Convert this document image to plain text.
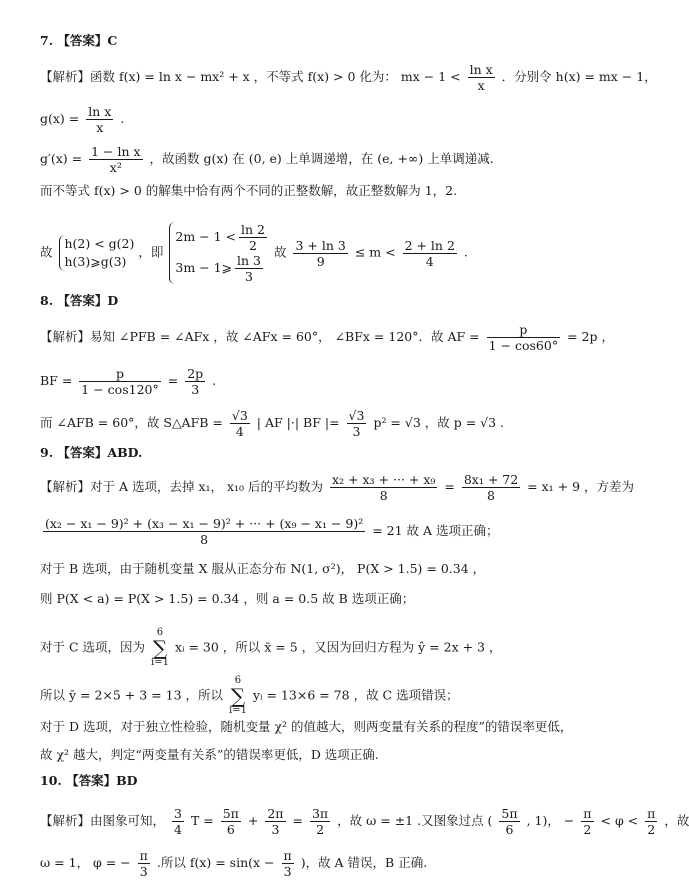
7. 【答案】C
【解析】函数 f(x) = ln x − mx² + x ，不等式 f(x) > 0 化为： mx − $1 < \frac{\text{ln x}}{x}$ ．分别令 h(x) = mx − 1，
$g(x) = \frac{\text{ln x}}{x}$ .
$g'(x) = \frac{\text{1 − ln x}}{\text{x²}}$ ，故函数 g(x) 在 (0, e) 上单调递增，在 (e, +∞) 上单调递减.
而不等式 f(x) > 0 的解集中恰有两个不同的正整数解，故正整数解为 1，2.
故
h(2) < g(2)
h(3)⩾g(3)
，即
$2m - 1 < \frac{\ln 2}{2}$
3m − 1⩾ $\frac{\ln 3}{3}$
故 $\frac{3 + \ln 3}{9} \le m < \frac{2 + \ln 2}{4}$ .
8. 【答案】D
【解析】易知 ∠PFB = ∠AFx ，故 ∠AFx = 60°， ∠BFx = 120°．故 AF = $\frac{p}{1 - \cos 60^\circ} = 2p$ ，
BF = $\frac{p}{1 - \cos 120^\circ} = \frac{2p}{3}$ .
而 ∠AFB = 60°，故 S△AFB = $\frac{√3}{4}$ | AF |·| BF |= $\frac{√3}{3} p^2 = √3$ ，故 p = √3 .
9. 【答案】ABD.
【解析】对于 A 选项，去掉 x₁， x₁₀ 后的平均数为 $\frac{\text{x₂ + x₃ + ··· + x₉}}{8} = \frac{\text{8x₁ + 72}}{8} = x_1 + 9$ ，方差为
$\frac{\text{(x₂ − x₁ − 9)² + (x₃ − x₁ − 9)² + ··· + (x₉ − x₁ − 9)²}}{8} = 21$ 故 A 选项正确；
对于 B 选项，由于随机变量 X 服从正态分布 N(1, σ²)， P(X > 1.5) = 0.34 ，
则 P(X < a) = P(X > 1.5) = 0.34 ，则 a = 0.5 故 B 选项正确；
对于 C 选项，因为
6
∑
i=1
xᵢ = 30 ，所以 x̄ = 5 ，又因为回归方程为 ŷ = 2x + 3 ，
所以 ȳ = 2×5 + 3 = 13 ，所以
6
∑
i=1
yᵢ = 13×6 = 78 ，故 C 选项错误；
对于 D 选项，对于独立性检验，随机变量 χ² 的值越大，则两变量有关系的程度”的错误率更低，
故 χ² 越大，判定“两变量有关系”的错误率更低，D 选项正确.
10. 【答案】BD
【解析】由图象可知， $\frac{3}{4}$ $T = \frac{5\pi}{6} + \frac{2\pi}{3} = \frac{3\pi}{2}$ ，故 ω = ±1 .又图象过点 ( $\frac{5\pi}{6}$ , 1)， − $\frac{\pi}{2} < \varphi < \frac{\pi}{2}$ ，故
ω = 1， φ = − $\frac{\pi}{3}$ .所以 $f(x) = \sin(x - \frac{\pi}{3}$ )，故 A 错误，B 正确.
